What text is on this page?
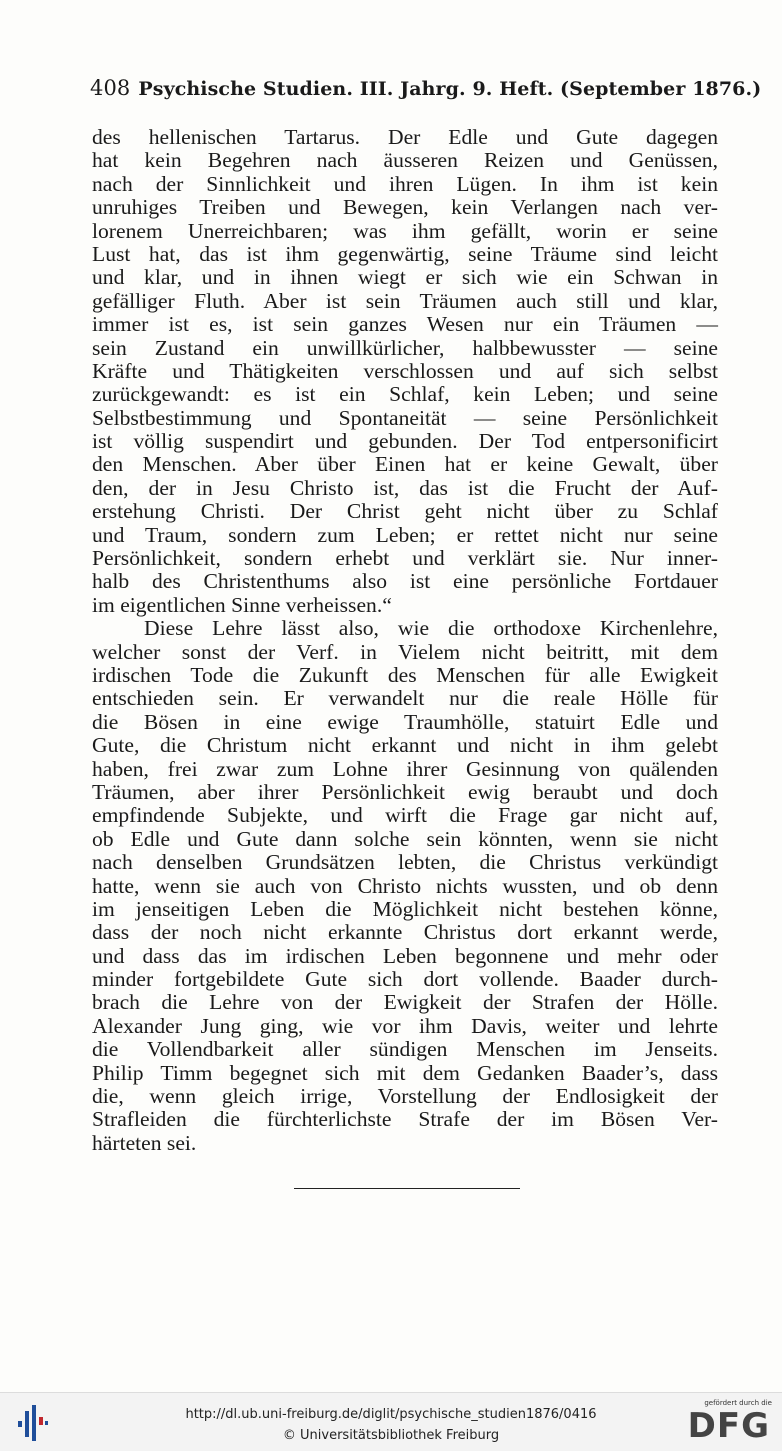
408 Psychische Studien. III. Jahrg. 9. Heft. (September 1876.)
des hellenischen Tartarus. Der Edle und Gute dagegen
hat kein Begehren nach äusseren Reizen und Genüssen,
nach der Sinnlichkeit und ihren Lügen. In ihm ist kein
unruhiges Treiben und Bewegen, kein Verlangen nach ver-
lorenem Unerreichbaren; was ihm gefällt, worin er seine
Lust hat, das ist ihm gegenwärtig, seine Träume sind leicht
und klar, und in ihnen wiegt er sich wie ein Schwan in
gefälliger Fluth. Aber ist sein Träumen auch still und klar,
immer ist es, ist sein ganzes Wesen nur ein Träumen —
sein Zustand ein unwillkürlicher, halbbewusster — seine
Kräfte und Thätigkeiten verschlossen und auf sich selbst
zurückgewandt: es ist ein Schlaf, kein Leben; und seine
Selbstbestimmung und Spontaneität — seine Persönlichkeit
ist völlig suspendirt und gebunden. Der Tod entpersonificirt
den Menschen. Aber über Einen hat er keine Gewalt, über
den, der in Jesu Christo ist, das ist die Frucht der Auf-
erstehung Christi. Der Christ geht nicht über zu Schlaf
und Traum, sondern zum Leben; er rettet nicht nur seine
Persönlichkeit, sondern erhebt und verklärt sie. Nur inner-
halb des Christenthums also ist eine persönliche Fortdauer
im eigentlichen Sinne verheissen.“
Diese Lehre lässt also, wie die orthodoxe Kirchenlehre,
welcher sonst der Verf. in Vielem nicht beitritt, mit dem
irdischen Tode die Zukunft des Menschen für alle Ewigkeit
entschieden sein. Er verwandelt nur die reale Hölle für
die Bösen in eine ewige Traumhölle, statuirt Edle und
Gute, die Christum nicht erkannt und nicht in ihm gelebt
haben, frei zwar zum Lohne ihrer Gesinnung von quälenden
Träumen, aber ihrer Persönlichkeit ewig beraubt und doch
empfindende Subjekte, und wirft die Frage gar nicht auf,
ob Edle und Gute dann solche sein könnten, wenn sie nicht
nach denselben Grundsätzen lebten, die Christus verkündigt
hatte, wenn sie auch von Christo nichts wussten, und ob denn
im jenseitigen Leben die Möglichkeit nicht bestehen könne,
dass der noch nicht erkannte Christus dort erkannt werde,
und dass das im irdischen Leben begonnene und mehr oder
minder fortgebildete Gute sich dort vollende. Baader durch-
brach die Lehre von der Ewigkeit der Strafen der Hölle.
Alexander Jung ging, wie vor ihm Davis, weiter und lehrte
die Vollendbarkeit aller sündigen Menschen im Jenseits.
Philip Timm begegnet sich mit dem Gedanken Baader’s, dass
die, wenn gleich irrige, Vorstellung der Endlosigkeit der
Strafleiden die fürchterlichste Strafe der im Bösen Ver-
härteten sei.
http://dl.ub.uni-freiburg.de/diglit/psychische_studien1876/0416
© Universitätsbibliothek Freiburg
gefördert durch die
DFG
